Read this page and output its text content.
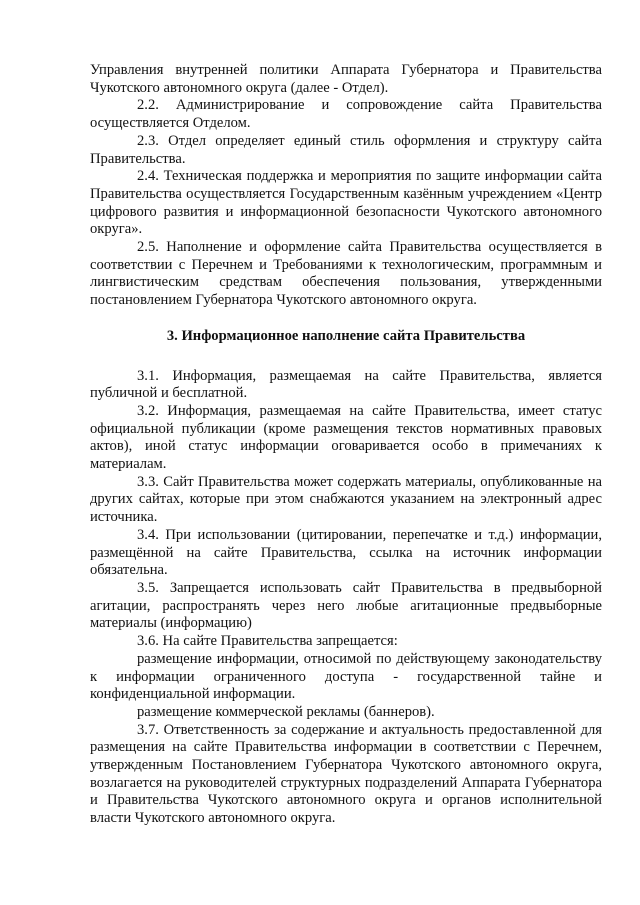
Управления внутренней политики Аппарата Губернатора и Правительства Чукотского автономного округа (далее - Отдел).

2.2. Администрирование и сопровождение сайта Правительства осуществляется Отделом.

2.3. Отдел определяет единый стиль оформления и структуру сайта Правительства.

2.4. Техническая поддержка и мероприятия по защите информации сайта Правительства осуществляется Государственным казённым учреждением «Центр цифрового развития и информационной безопасности Чукотского автономного округа».

2.5. Наполнение и оформление сайта Правительства осуществляется в соответствии с Перечнем и Требованиями к технологическим, программным и лингвистическим средствам обеспечения пользования, утвержденными постановлением Губернатора Чукотского автономного округа.

3. Информационное наполнение сайта Правительства

3.1. Информация, размещаемая на сайте Правительства, является публичной и бесплатной.

3.2. Информация, размещаемая на сайте Правительства, имеет статус официальной публикации (кроме размещения текстов нормативных правовых актов), иной статус информации оговаривается особо в примечаниях к материалам.

3.3. Сайт Правительства может содержать материалы, опубликованные на других сайтах, которые при этом снабжаются указанием на электронный адрес источника.

3.4. При использовании (цитировании, перепечатке и т.д.) информации, размещённой на сайте Правительства, ссылка на источник информации обязательна.

3.5. Запрещается использовать сайт Правительства в предвыборной агитации, распространять через него любые агитационные предвыборные материалы (информацию)

3.6. На сайте Правительства запрещается:

размещение информации, относимой по действующему законодательству к информации ограниченного доступа - государственной тайне и конфиденциальной информации.

размещение коммерческой рекламы (баннеров).

3.7. Ответственность за содержание и актуальность предоставленной для размещения на сайте Правительства информации в соответствии с Перечнем, утвержденным Постановлением Губернатора Чукотского автономного округа, возлагается на руководителей структурных подразделений Аппарата Губернатора и Правительства Чукотского автономного округа и органов исполнительной власти Чукотского автономного округа.
